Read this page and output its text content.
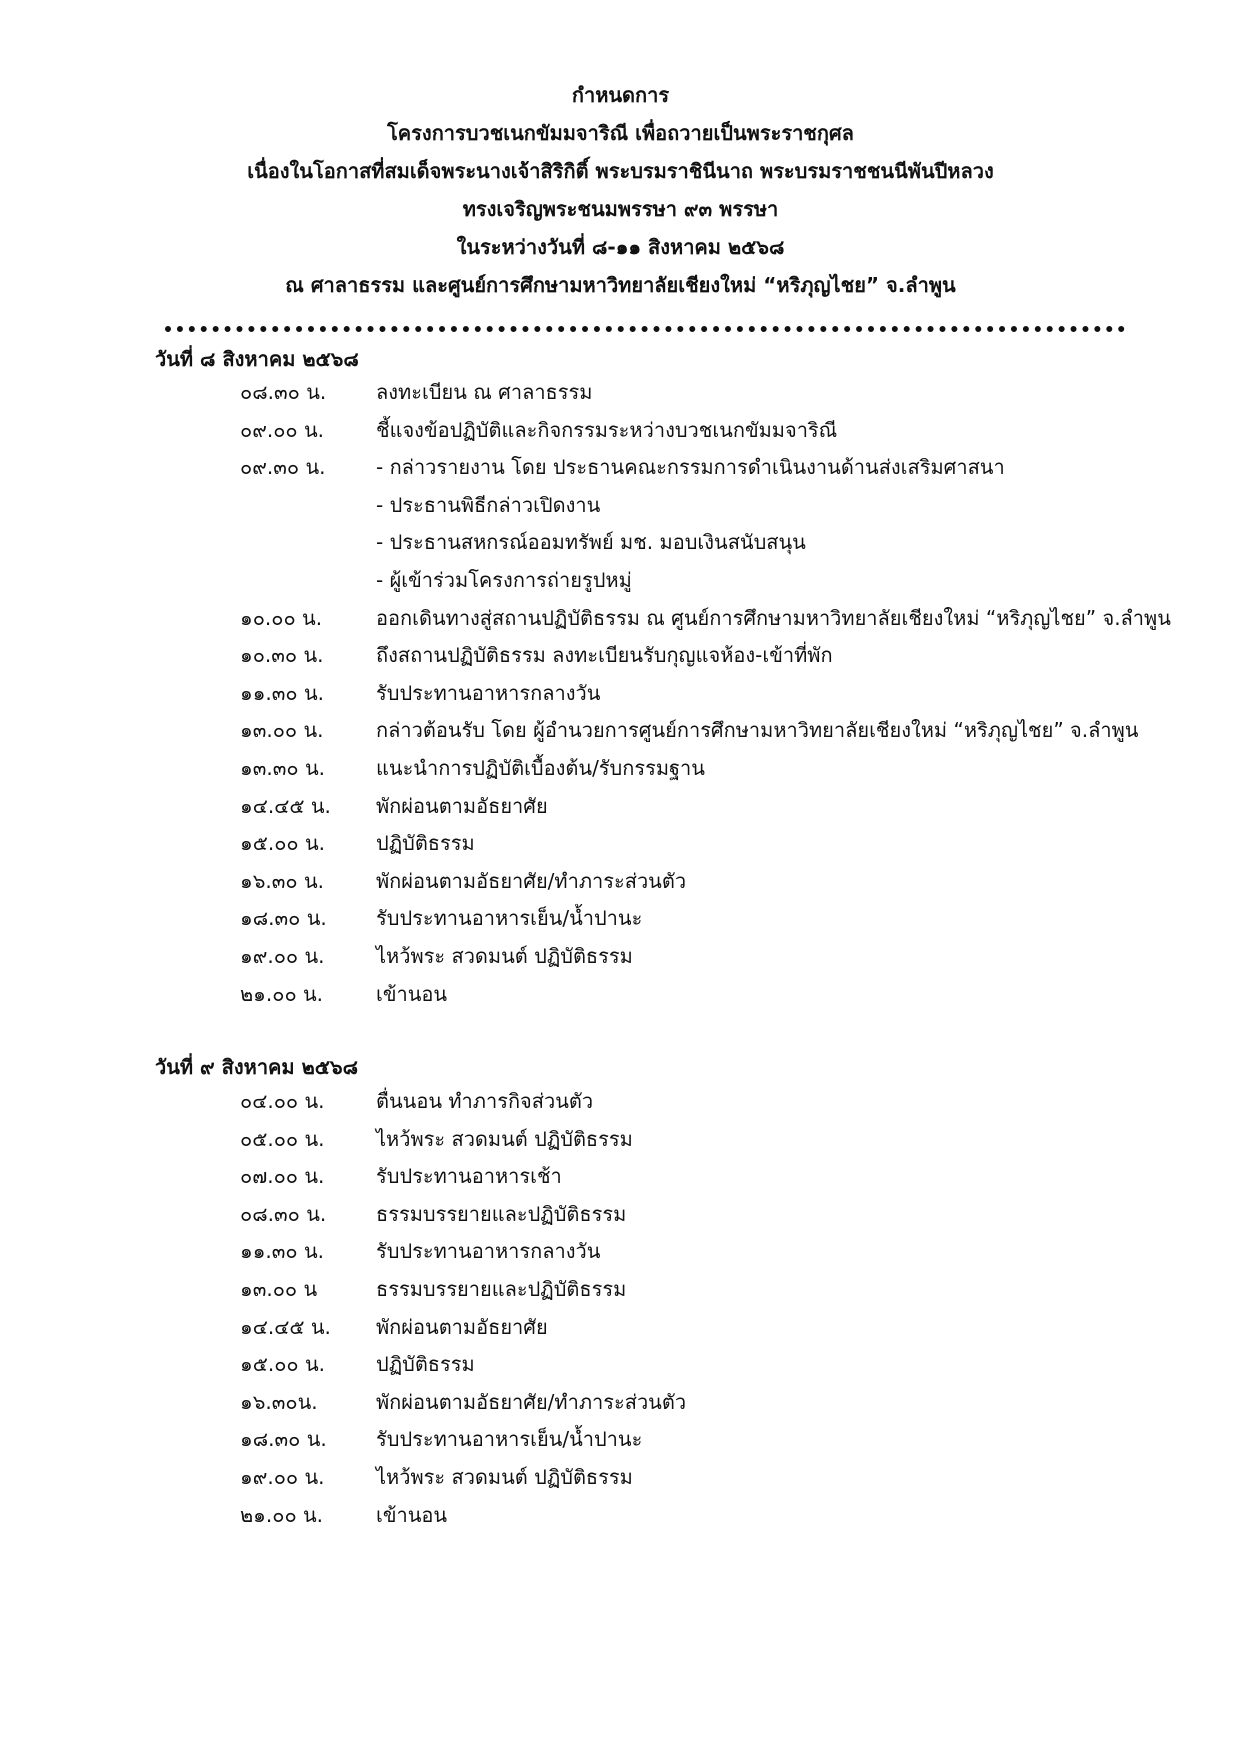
กำหนดการ
โครงการบวชเนกขัมมจาริณี เพื่อถวายเป็นพระราชกุศล
เนื่องในโอกาสที่สมเด็จพระนางเจ้าสิริกิติ์ พระบรมราชินีนาถ พระบรมราชชนนีพันปีหลวง
ทรงเจริญพระชนมพรรษา ๙๓ พรรษา
ในระหว่างวันที่ ๘-๑๑ สิงหาคม ๒๕๖๘
ณ ศาลาธรรม และศูนย์การศึกษามหาวิทยาลัยเชียงใหม่ “หริภุญไชย” จ.ลำพูน
วันที่ ๘ สิงหาคม ๒๕๖๘
๐๘.๓๐ น.	ลงทะเบียน ณ ศาลาธรรม
๐๙.๐๐ น.	ชี้แจงข้อปฏิบัติและกิจกรรมระหว่างบวชเนกขัมมจาริณี
๐๙.๓๐ น.	- กล่าวรายงาน โดย ประธานคณะกรรมการดำเนินงานด้านส่งเสริมศาสนา
- ประธานพิธีกล่าวเปิดงาน
- ประธานสหกรณ์ออมทรัพย์ มช. มอบเงินสนับสนุน
- ผู้เข้าร่วมโครงการถ่ายรูปหมู่
๑๐.๐๐ น.	ออกเดินทางสู่สถานปฏิบัติธรรม ณ ศูนย์การศึกษามหาวิทยาลัยเชียงใหม่ “หริภุญไชย” จ.ลำพูน
๑๐.๓๐ น.	ถึงสถานปฏิบัติธรรม ลงทะเบียนรับกุญแจห้อง-เข้าที่พัก
๑๑.๓๐ น.	รับประทานอาหารกลางวัน
๑๓.๐๐ น.	กล่าวต้อนรับ โดย ผู้อำนวยการศูนย์การศึกษามหาวิทยาลัยเชียงใหม่ “หริภุญไชย” จ.ลำพูน
๑๓.๓๐ น.	แนะนำการปฏิบัติเบื้องต้น/รับกรรมฐาน
๑๔.๔๕ น.	พักผ่อนตามอัธยาศัย
๑๕.๐๐ น.	ปฏิบัติธรรม
๑๖.๓๐ น.	พักผ่อนตามอัธยาศัย/ทำภาระส่วนตัว
๑๘.๓๐ น.	รับประทานอาหารเย็น/น้ำปานะ
๑๙.๐๐ น.	ไหว้พระ สวดมนต์ ปฏิบัติธรรม
๒๑.๐๐ น.	เข้านอน
วันที่ ๙ สิงหาคม ๒๕๖๘
๐๔.๐๐ น.	ตื่นนอน ทำภารกิจส่วนตัว
๐๕.๐๐ น.	ไหว้พระ สวดมนต์ ปฏิบัติธรรม
๐๗.๐๐ น.	รับประทานอาหารเช้า
๐๘.๓๐ น.	ธรรมบรรยายและปฏิบัติธรรม
๑๑.๓๐ น.	รับประทานอาหารกลางวัน
๑๓.๐๐ น	ธรรมบรรยายและปฏิบัติธรรม
๑๔.๔๕ น.	พักผ่อนตามอัธยาศัย
๑๕.๐๐ น.	ปฏิบัติธรรม
๑๖.๓๐น.	พักผ่อนตามอัธยาศัย/ทำภาระส่วนตัว
๑๘.๓๐ น.	รับประทานอาหารเย็น/น้ำปานะ
๑๙.๐๐ น.	ไหว้พระ สวดมนต์ ปฏิบัติธรรม
๒๑.๐๐ น.	เข้านอน
